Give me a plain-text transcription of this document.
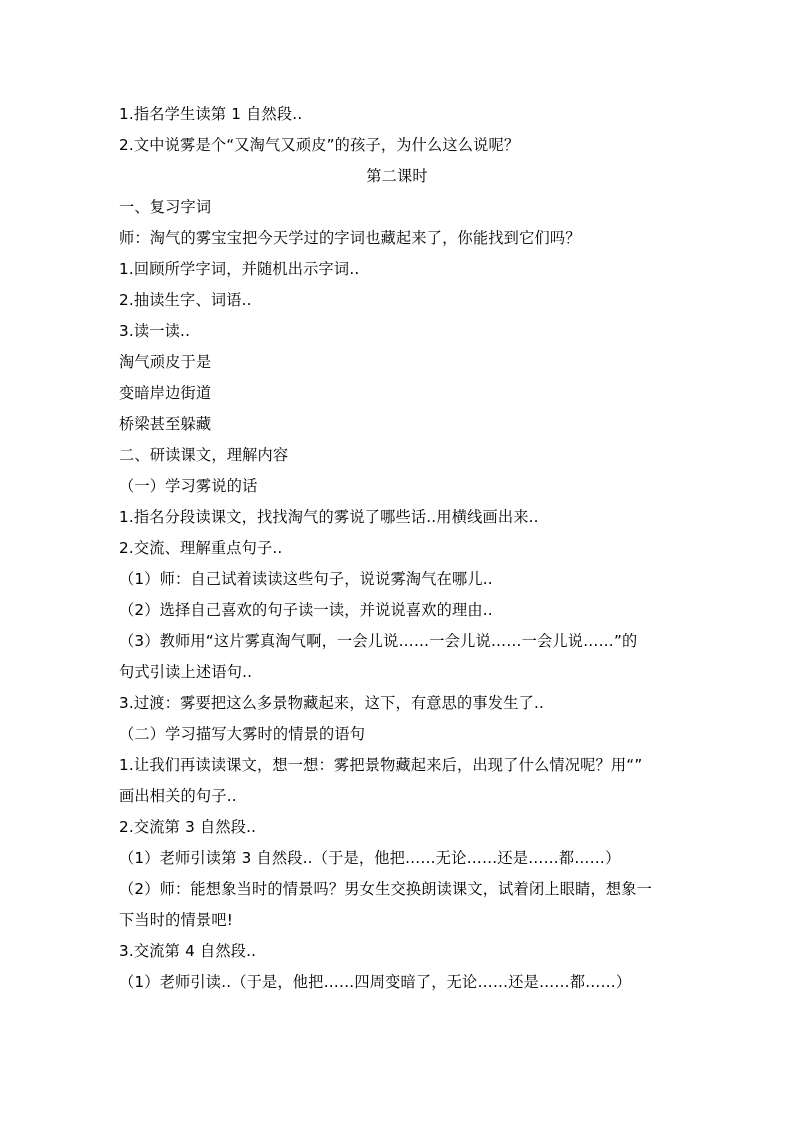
1.指名学生读第 1 自然段..
2.文中说雾是个“又淘气又顽皮”的孩子，为什么这么说呢？
第二课时
一、复习字词
师：淘气的雾宝宝把今天学过的字词也藏起来了，你能找到它们吗？
1.回顾所学字词，并随机出示字词..
2.抽读生字、词语..
3.读一读..
淘气顽皮于是
变暗岸边街道
桥梁甚至躲藏
二、研读课文，理解内容
（一）学习雾说的话
1.指名分段读课文，找找淘气的雾说了哪些话..用横线画出来..
2.交流、理解重点句子..
（1）师：自己试着读读这些句子，说说雾淘气在哪儿..
（2）选择自己喜欢的句子读一读，并说说喜欢的理由..
（3）教师用“这片雾真淘气啊，一会儿说……一会儿说……一会儿说……”的
句式引读上述语句..
3.过渡：雾要把这么多景物藏起来，这下，有意思的事发生了..
（二）学习描写大雾时的情景的语句
1.让我们再读读课文，想一想：雾把景物藏起来后，出现了什么情况呢？用“”
画出相关的句子..
2.交流第 3 自然段..
（1）老师引读第 3 自然段..（于是，他把……无论……还是……都……）
（2）师：能想象当时的情景吗？男女生交换朗读课文，试着闭上眼睛，想象一
下当时的情景吧!
3.交流第 4 自然段..
（1）老师引读..（于是，他把……四周变暗了，无论……还是……都……）
